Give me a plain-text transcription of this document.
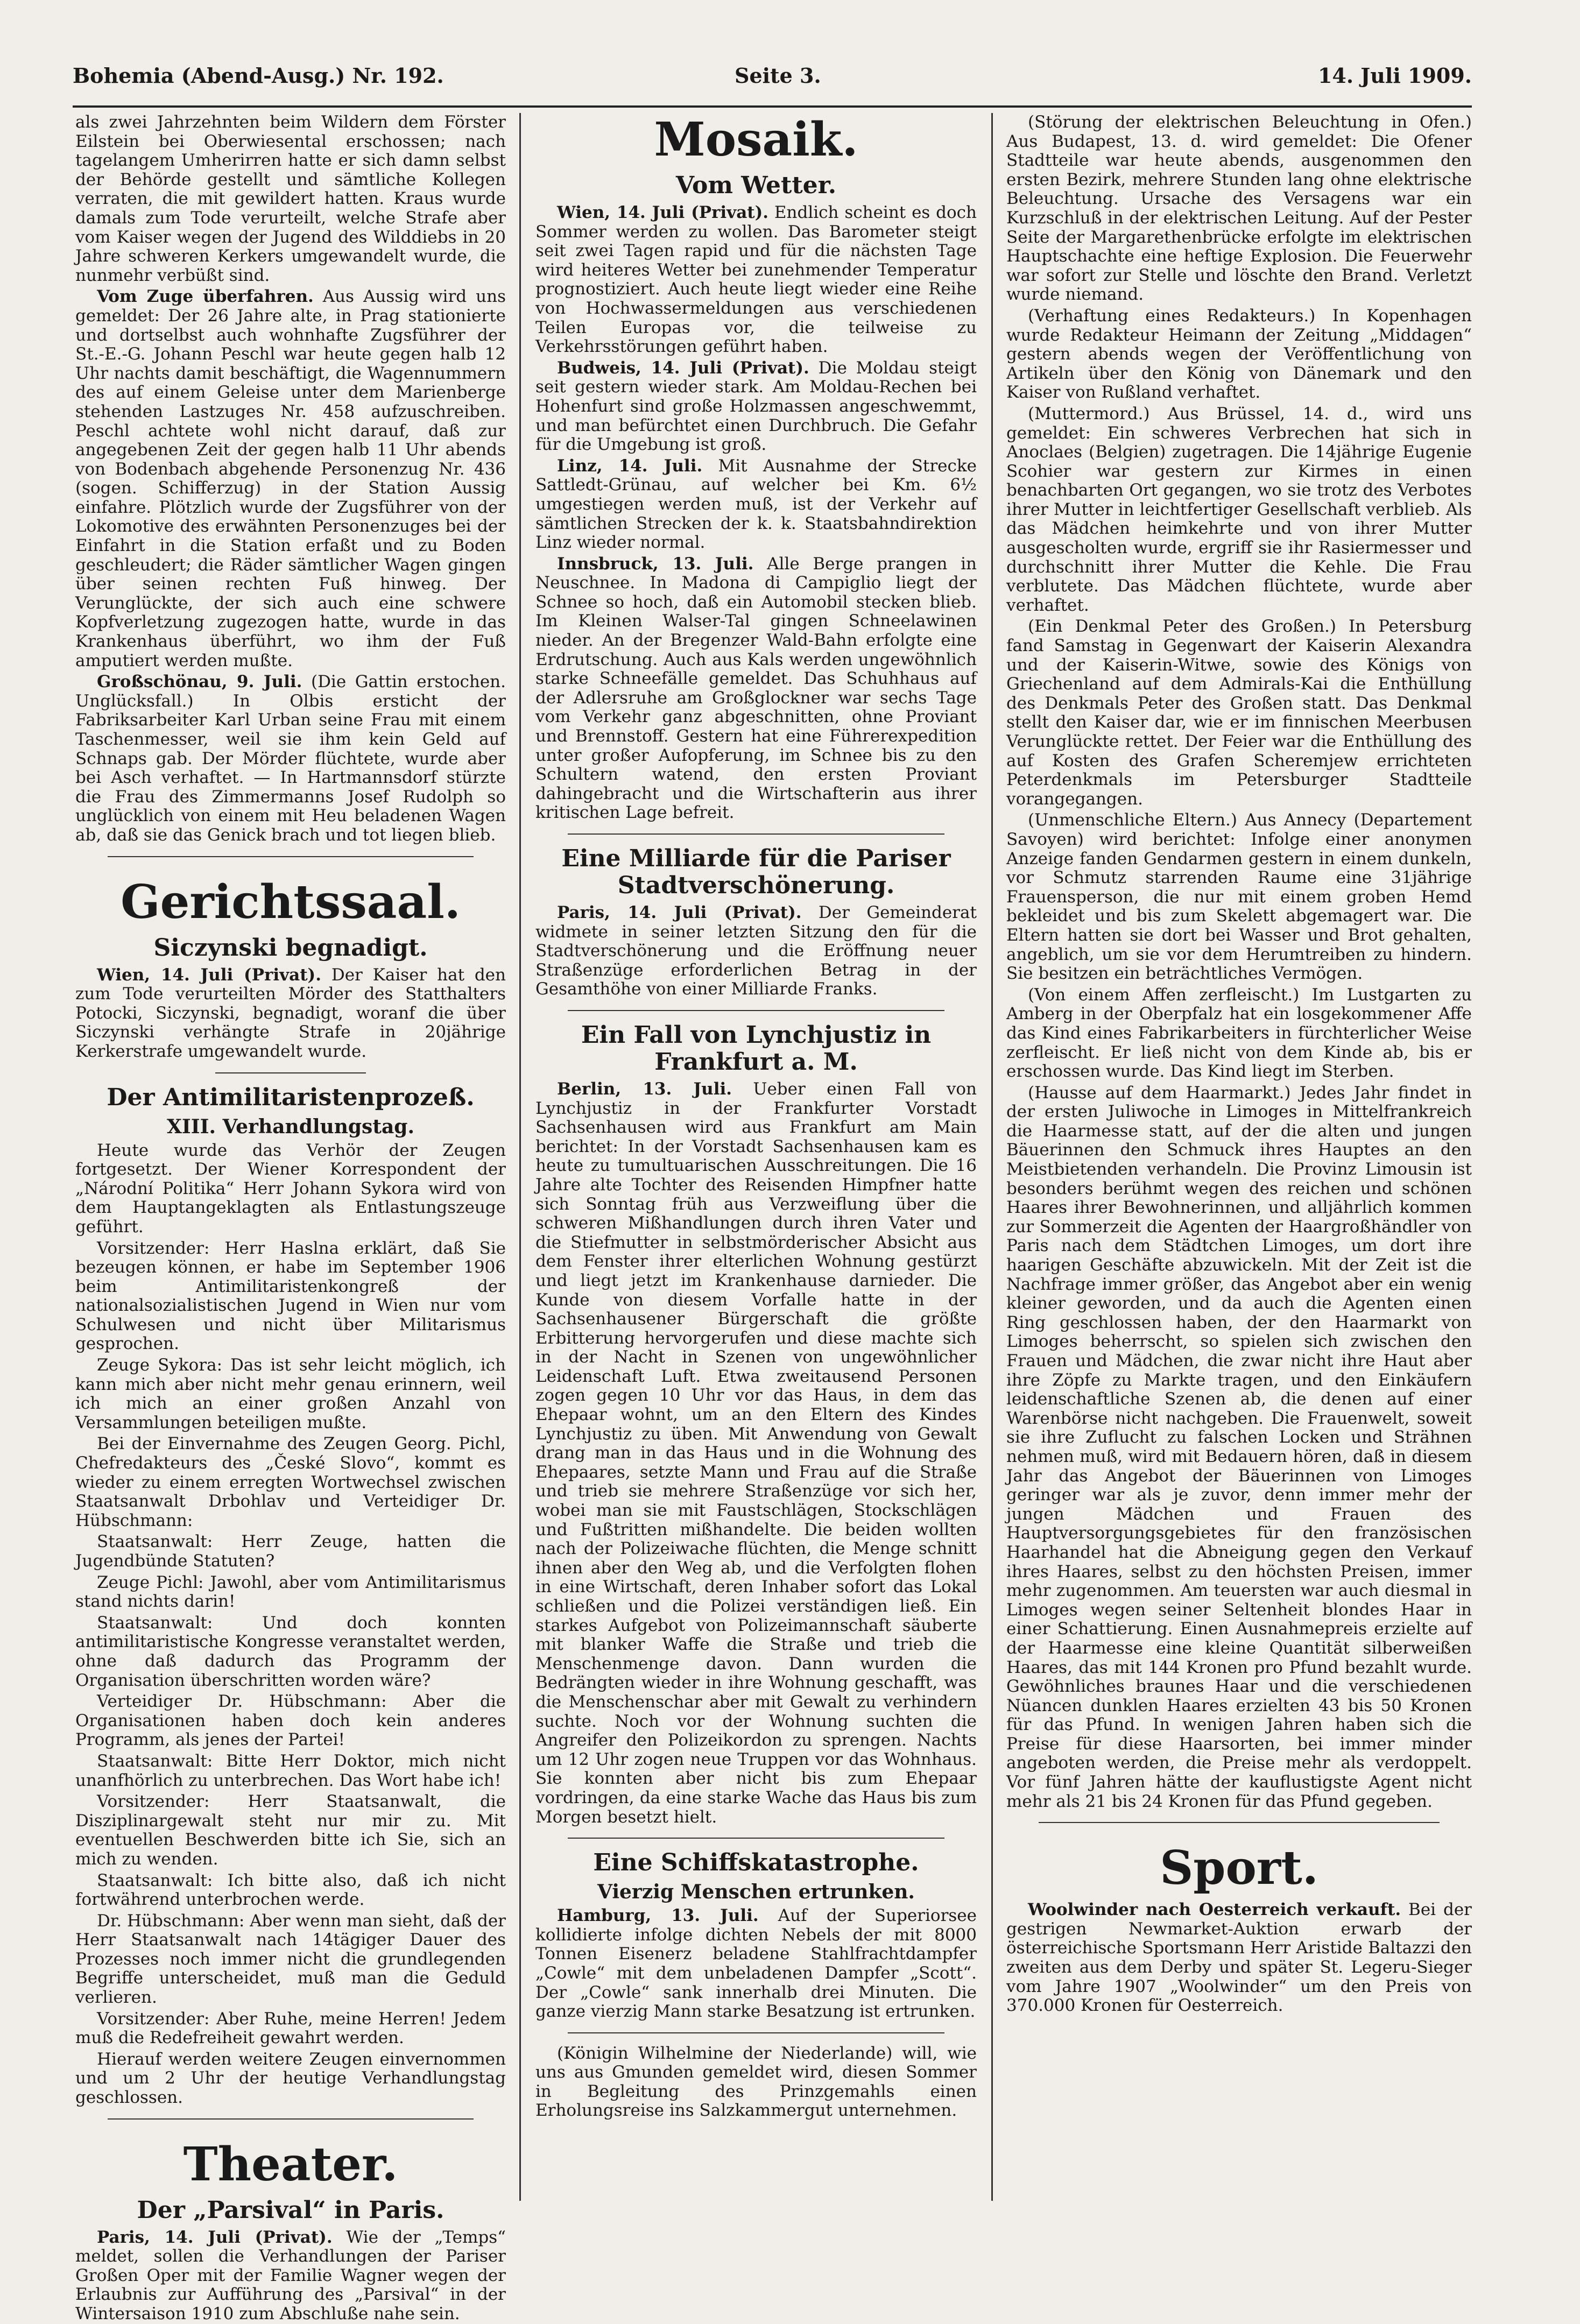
Bohemia (Abend-Ausg.) Nr. 192.	Seite 3.	14. Juli 1909.

als zwei Jahrzehnten beim Wildern dem Förster Eilstein bei Oberwiesental erschossen; nach tagelangem Umherirren hatte er sich damn selbst der Behörde gestellt und sämtliche Kollegen verraten, die mit gewildert hatten. Kraus wurde damals zum Tode verurteilt, welche Strafe aber vom Kaiser wegen der Jugend des Wilddiebs in 20 Jahre schweren Kerkers umgewandelt wurde, die nunmehr verbüßt sind.

Vom Zuge überfahren. Aus Aussig wird uns gemeldet: Der 26 Jahre alte, in Prag stationierte und dortselbst auch wohnhafte Zugsführer der St.-E.-G. Johann Peschl war heute gegen halb 12 Uhr nachts damit beschäftigt, die Wagennummern des auf einem Geleise unter dem Marienberge stehenden Lastzuges Nr. 458 aufzuschreiben. Peschl achtete wohl nicht darauf, daß zur angegebenen Zeit der gegen halb 11 Uhr abends von Bodenbach abgehende Personenzug Nr. 436 (sogen. Schifferzug) in der Station Aussig einfahre. Plötzlich wurde der Zugsführer von der Lokomotive des erwähnten Personenzuges bei der Einfahrt in die Station erfaßt und zu Boden geschleudert; die Räder sämtlicher Wagen gingen über seinen rechten Fuß hinweg. Der Verunglückte, der sich auch eine schwere Kopfverletzung zugezogen hatte, wurde in das Krankenhaus überführt, wo ihm der Fuß amputiert werden mußte.

Großschönau, 9. Juli. (Die Gattin erstochen. Unglücksfall.) In Olbis ersticht der Fabriksarbeiter Karl Urban seine Frau mit einem Taschenmesser, weil sie ihm kein Geld auf Schnaps gab. Der Mörder flüchtete, wurde aber bei Asch verhaftet. — In Hartmannsdorf stürzte die Frau des Zimmermanns Josef Rudolph so unglücklich von einem mit Heu beladenen Wagen ab, daß sie das Genick brach und tot liegen blieb.

Gerichtssaal.
Siczynski begnadigt.

Wien, 14. Juli (Privat). Der Kaiser hat den zum Tode verurteilten Mörder des Statthalters Potocki, Siczynski, begnadigt, woranf die über Siczynski verhängte Strafe in 20jährige Kerkerstrafe umgewandelt wurde.

Der Antimilitaristenprozeß.
XIII. Verhandlungstag.

Heute wurde das Verhör der Zeugen fortgesetzt. Der Wiener Korrespondent der „Národní Politika“ Herr Johann Sykora wird von dem Hauptangeklagten als Entlastungszeuge geführt.

Vorsitzender: Herr Haslna erklärt, daß Sie bezeugen können, er habe im September 1906 beim Antimilitaristenkongreß der nationalsozialistischen Jugend in Wien nur vom Schulwesen und nicht über Militarismus gesprochen.

Zeuge Sykora: Das ist sehr leicht möglich, ich kann mich aber nicht mehr genau erinnern, weil ich mich an einer großen Anzahl von Versammlungen beteiligen mußte.

Bei der Einvernahme des Zeugen Georg. Pichl, Chefredakteurs des „České Slovo“, kommt es wieder zu einem erregten Wortwechsel zwischen Staatsanwalt Drbohlav und Verteidiger Dr. Hübschmann:

Staatsanwalt: Herr Zeuge, hatten die Jugendbünde Statuten?

Zeuge Pichl: Jawohl, aber vom Antimilitarismus stand nichts darin!

Staatsanwalt: Und doch konnten antimilitaristische Kongresse veranstaltet werden, ohne daß dadurch das Programm der Organisation überschritten worden wäre?

Verteidiger Dr. Hübschmann: Aber die Organisationen haben doch kein anderes Programm, als jenes der Partei!

Staatsanwalt: Bitte Herr Doktor, mich nicht unanfhörlich zu unterbrechen. Das Wort habe ich!

Vorsitzender: Herr Staatsanwalt, die Disziplinargewalt steht nur mir zu. Mit eventuellen Beschwerden bitte ich Sie, sich an mich zu wenden.

Staatsanwalt: Ich bitte also, daß ich nicht fortwährend unterbrochen werde.

Dr. Hübschmann: Aber wenn man sieht, daß der Herr Staatsanwalt nach 14tägiger Dauer des Prozesses noch immer nicht die grundlegenden Begriffe unterscheidet, muß man die Geduld verlieren.

Vorsitzender: Aber Ruhe, meine Herren! Jedem muß die Redefreiheit gewahrt werden.

Hierauf werden weitere Zeugen einvernommen und um 2 Uhr der heutige Verhandlungstag geschlossen.

Theater.
Der „Parsival“ in Paris.

Paris, 14. Juli (Privat). Wie der „Temps“ meldet, sollen die Verhandlungen der Pariser Großen Oper mit der Familie Wagner wegen der Erlaubnis zur Aufführung des „Parsival“ in der Wintersaison 1910 zum Abschluße nahe sein.

Mosaik.
Vom Wetter.

Wien, 14. Juli (Privat). Endlich scheint es doch Sommer werden zu wollen. Das Barometer steigt seit zwei Tagen rapid und für die nächsten Tage wird heiteres Wetter bei zunehmender Temperatur prognostiziert. Auch heute liegt wieder eine Reihe von Hochwassermeldungen aus verschiedenen Teilen Europas vor, die teilweise zu Verkehrsstörungen geführt haben.

Budweis, 14. Juli (Privat). Die Moldau steigt seit gestern wieder stark. Am Moldau-Rechen bei Hohenfurt sind große Holzmassen angeschwemmt, und man befürchtet einen Durchbruch. Die Gefahr für die Umgebung ist groß.

Linz, 14. Juli. Mit Ausnahme der Strecke Sattledt-Grünau, auf welcher bei Km. 6½ umgestiegen werden muß, ist der Verkehr auf sämtlichen Strecken der k. k. Staatsbahndirektion Linz wieder normal.

Innsbruck, 13. Juli. Alle Berge prangen in Neuschnee. In Madona di Campiglio liegt der Schnee so hoch, daß ein Automobil stecken blieb. Im Kleinen Walser-Tal gingen Schneelawinen nieder. An der Bregenzer Wald-Bahn erfolgte eine Erdrutschung. Auch aus Kals werden ungewöhnlich starke Schneefälle gemeldet. Das Schuhhaus auf der Adlersruhe am Großglockner war sechs Tage vom Verkehr ganz abgeschnitten, ohne Proviant und Brennstoff. Gestern hat eine Führerexpedition unter großer Aufopferung, im Schnee bis zu den Schultern watend, den ersten Proviant dahingebracht und die Wirtschafterin aus ihrer kritischen Lage befreit.

Eine Milliarde für die Pariser Stadtverschönerung.

Paris, 14. Juli (Privat). Der Gemeinderat widmete in seiner letzten Sitzung den für die Stadtverschönerung und die Eröffnung neuer Straßenzüge erforderlichen Betrag in der Gesamthöhe von einer Milliarde Franks.

Ein Fall von Lynchjustiz in Frankfurt a. M.

Berlin, 13. Juli. Ueber einen Fall von Lynchjustiz in der Frankfurter Vorstadt Sachsenhausen wird aus Frankfurt am Main berichtet: In der Vorstadt Sachsenhausen kam es heute zu tumultuarischen Ausschreitungen. Die 16 Jahre alte Tochter des Reisenden Himpfner hatte sich Sonntag früh aus Verzweiflung über die schweren Mißhandlungen durch ihren Vater und die Stiefmutter in selbstmörderischer Absicht aus dem Fenster ihrer elterlichen Wohnung gestürzt und liegt jetzt im Krankenhause darnieder. Die Kunde von diesem Vorfalle hatte in der Sachsenhausener Bürgerschaft die größte Erbitterung hervorgerufen und diese machte sich in der Nacht in Szenen von ungewöhnlicher Leidenschaft Luft. Etwa zweitausend Personen zogen gegen 10 Uhr vor das Haus, in dem das Ehepaar wohnt, um an den Eltern des Kindes Lynchjustiz zu üben. Mit Anwendung von Gewalt drang man in das Haus und in die Wohnung des Ehepaares, setzte Mann und Frau auf die Straße und trieb sie mehrere Straßenzüge vor sich her, wobei man sie mit Faustschlägen, Stockschlägen und Fußtritten mißhandelte. Die beiden wollten nach der Polizeiwache flüchten, die Menge schnitt ihnen aber den Weg ab, und die Verfolgten flohen in eine Wirtschaft, deren Inhaber sofort das Lokal schließen und die Polizei verständigen ließ. Ein starkes Aufgebot von Polizeimannschaft säuberte mit blanker Waffe die Straße und trieb die Menschenmenge davon. Dann wurden die Bedrängten wieder in ihre Wohnung geschafft, was die Menschenschar aber mit Gewalt zu verhindern suchte. Noch vor der Wohnung suchten die Angreifer den Polizeikordon zu sprengen. Nachts um 12 Uhr zogen neue Truppen vor das Wohnhaus. Sie konnten aber nicht bis zum Ehepaar vordringen, da eine starke Wache das Haus bis zum Morgen besetzt hielt.

Eine Schiffskatastrophe.
Vierzig Menschen ertrunken.

Hamburg, 13. Juli. Auf der Superiorsee kollidierte infolge dichten Nebels der mit 8000 Tonnen Eisenerz beladene Stahlfrachtdampfer „Cowle“ mit dem unbeladenen Dampfer „Scott“. Der „Cowle“ sank innerhalb drei Minuten. Die ganze vierzig Mann starke Besatzung ist ertrunken.

(Königin Wilhelmine der Niederlande) will, wie uns aus Gmunden gemeldet wird, diesen Sommer in Begleitung des Prinzgemahls einen Erholungsreise ins Salzkammergut unternehmen.

(Störung der elektrischen Beleuchtung in Ofen.) Aus Budapest, 13. d. wird gemeldet: Die Ofener Stadtteile war heute abends, ausgenommen den ersten Bezirk, mehrere Stunden lang ohne elektrische Beleuchtung. Ursache des Versagens war ein Kurzschluß in der elektrischen Leitung. Auf der Pester Seite der Margarethenbrücke erfolgte im elektrischen Hauptschachte eine heftige Explosion. Die Feuerwehr war sofort zur Stelle und löschte den Brand. Verletzt wurde niemand.

(Verhaftung eines Redakteurs.) In Kopenhagen wurde Redakteur Heimann der Zeitung „Middagen“ gestern abends wegen der Veröffentlichung von Artikeln über den König von Dänemark und den Kaiser von Rußland verhaftet.

(Muttermord.) Aus Brüssel, 14. d., wird uns gemeldet: Ein schweres Verbrechen hat sich in Anoclaes (Belgien) zugetragen. Die 14jährige Eugenie Scohier war gestern zur Kirmes in einen benachbarten Ort gegangen, wo sie trotz des Verbotes ihrer Mutter in leichtfertiger Gesellschaft verblieb. Als das Mädchen heimkehrte und von ihrer Mutter ausgescholten wurde, ergriff sie ihr Rasiermesser und durchschnitt ihrer Mutter die Kehle. Die Frau verblutete. Das Mädchen flüchtete, wurde aber verhaftet.

(Ein Denkmal Peter des Großen.) In Petersburg fand Samstag in Gegenwart der Kaiserin Alexandra und der Kaiserin-Witwe, sowie des Königs von Griechenland auf dem Admirals-Kai die Enthüllung des Denkmals Peter des Großen statt. Das Denkmal stellt den Kaiser dar, wie er im finnischen Meerbusen Verunglückte rettet. Der Feier war die Enthüllung des auf Kosten des Grafen Scheremjew errichteten Peterdenkmals im Petersburger Stadtteile vorangegangen.

(Unmenschliche Eltern.) Aus Annecy (Departement Savoyen) wird berichtet: Infolge einer anonymen Anzeige fanden Gendarmen gestern in einem dunkeln, vor Schmutz starrenden Raume eine 31jährige Frauensperson, die nur mit einem groben Hemd bekleidet und bis zum Skelett abgemagert war. Die Eltern hatten sie dort bei Wasser und Brot gehalten, angeblich, um sie vor dem Herumtreiben zu hindern. Sie besitzen ein beträchtliches Vermögen.

(Von einem Affen zerfleischt.) Im Lustgarten zu Amberg in der Oberpfalz hat ein losgekommener Affe das Kind eines Fabrikarbeiters in fürchterlicher Weise zerfleischt. Er ließ nicht von dem Kinde ab, bis er erschossen wurde. Das Kind liegt im Sterben.

(Hausse auf dem Haarmarkt.) Jedes Jahr findet in der ersten Juliwoche in Limoges in Mittelfrankreich die Haarmesse statt, auf der die alten und jungen Bäuerinnen den Schmuck ihres Hauptes an den Meistbietenden verhandeln. Die Provinz Limousin ist besonders berühmt wegen des reichen und schönen Haares ihrer Bewohnerinnen, und alljährlich kommen zur Sommerzeit die Agenten der Haargroßhändler von Paris nach dem Städtchen Limoges, um dort ihre haarigen Geschäfte abzuwickeln. Mit der Zeit ist die Nachfrage immer größer, das Angebot aber ein wenig kleiner geworden, und da auch die Agenten einen Ring geschlossen haben, der den Haarmarkt von Limoges beherrscht, so spielen sich zwischen den Frauen und Mädchen, die zwar nicht ihre Haut aber ihre Zöpfe zu Markte tragen, und den Einkäufern leidenschaftliche Szenen ab, die denen auf einer Warenbörse nicht nachgeben. Die Frauenwelt, soweit sie ihre Zuflucht zu falschen Locken und Strähnen nehmen muß, wird mit Bedauern hören, daß in diesem Jahr das Angebot der Bäuerinnen von Limoges geringer war als je zuvor, denn immer mehr der jungen Mädchen und Frauen des Hauptversorgungsgebietes für den französischen Haarhandel hat die Abneigung gegen den Verkauf ihres Haares, selbst zu den höchsten Preisen, immer mehr zugenommen. Am teuersten war auch diesmal in Limoges wegen seiner Seltenheit blondes Haar in einer Schattierung. Einen Ausnahmepreis erzielte auf der Haarmesse eine kleine Quantität silberweißen Haares, das mit 144 Kronen pro Pfund bezahlt wurde. Gewöhnliches braunes Haar und die verschiedenen Nüancen dunklen Haares erzielten 43 bis 50 Kronen für das Pfund. In wenigen Jahren haben sich die Preise für diese Haarsorten, bei immer minder angeboten werden, die Preise mehr als verdoppelt. Vor fünf Jahren hätte der kauflustigste Agent nicht mehr als 21 bis 24 Kronen für das Pfund gegeben.

Sport.

Woolwinder nach Oesterreich verkauft. Bei der gestrigen Newmarket-Auktion erwarb der österreichische Sportsmann Herr Aristide Baltazzi den zweiten aus dem Derby und später St. Legeru-Sieger vom Jahre 1907 „Woolwinder“ um den Preis von 370.000 Kronen für Oesterreich.
